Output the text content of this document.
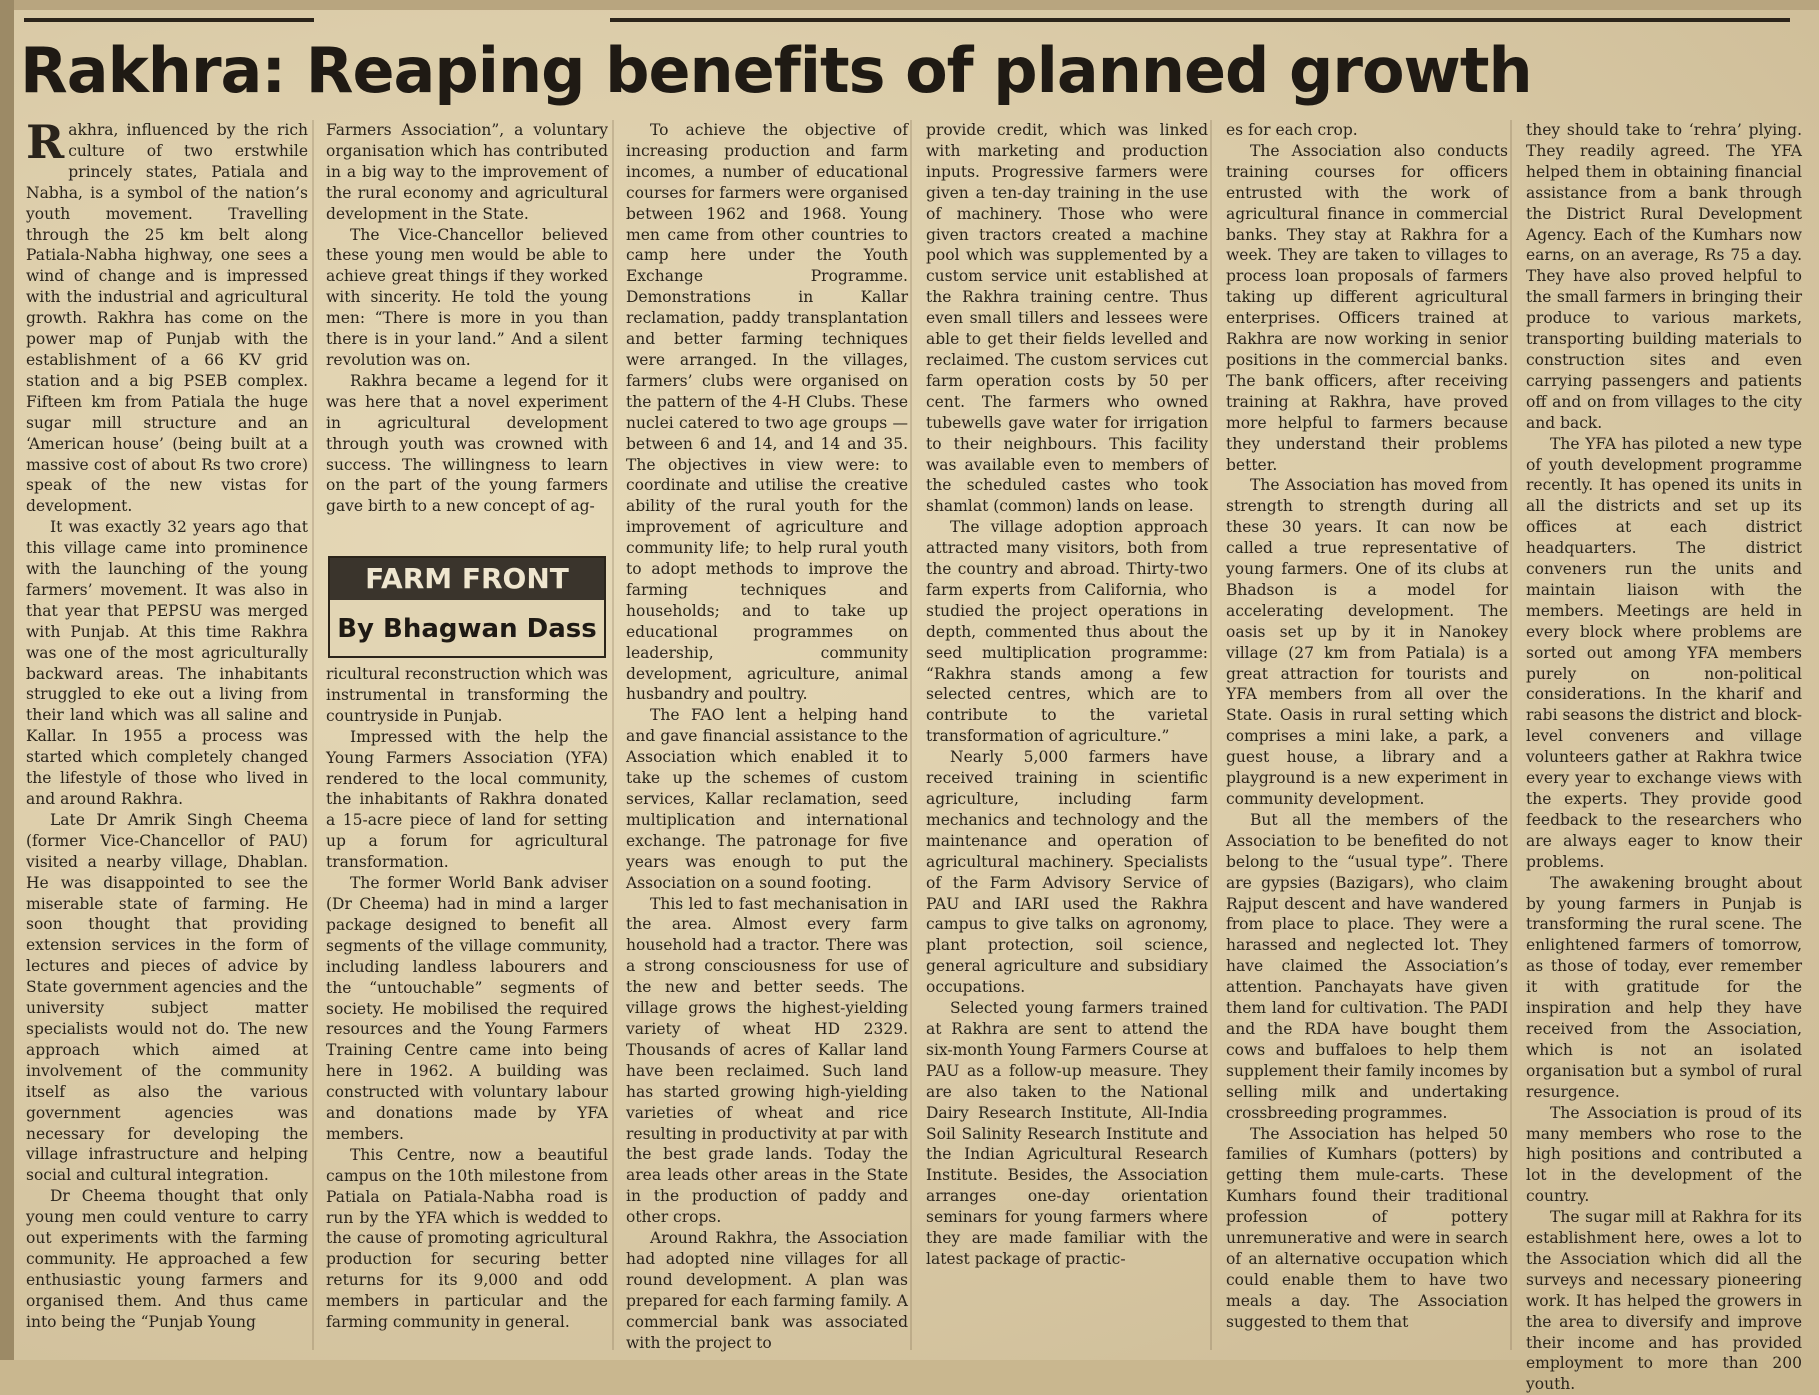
Rakhra: Reaping benefits of planned growth

Rakhra, influenced by the rich culture of two erstwhile princely states, Patiala and Nabha, is a symbol of the nation’s youth movement. Travelling through the 25 km belt along Patiala-Nabha highway, one sees a wind of change and is impressed with the industrial and agricultural growth. Rakhra has come on the power map of Punjab with the establishment of a 66 KV grid station and a big PSEB complex. Fifteen km from Patiala the huge sugar mill structure and an ‘American house’ (being built at a massive cost of about Rs two crore) speak of the new vistas for development.

It was exactly 32 years ago that this village came into prominence with the launching of the young farmers’ movement. It was also in that year that PEPSU was merged with Punjab. At this time Rakhra was one of the most agriculturally backward areas. The inhabitants struggled to eke out a living from their land which was all saline and Kallar. In 1955 a process was started which completely changed the lifestyle of those who lived in and around Rakhra.

Late Dr Amrik Singh Cheema (former Vice-Chancellor of PAU) visited a nearby village, Dhablan. He was disappointed to see the miserable state of farming. He soon thought that providing extension services in the form of lectures and pieces of advice by State government agencies and the university subject matter specialists would not do. The new approach which aimed at involvement of the community itself as also the various government agencies was necessary for developing the village infrastructure and helping social and cultural integration.

Dr Cheema thought that only young men could venture to carry out experiments with the farming community. He approached a few enthusiastic young farmers and organised them. And thus came into being the “Punjab Young

Farmers Association”, a voluntary organisation which has contributed in a big way to the improvement of the rural economy and agricultural development in the State.

The Vice-Chancellor believed these young men would be able to achieve great things if they worked with sincerity. He told the young men: “There is more in you than there is in your land.” And a silent revolution was on.

Rakhra became a legend for it was here that a novel experiment in agricultural development through youth was crowned with success. The willingness to learn on the part of the young farmers gave birth to a new concept of ag-

FARM FRONT
By Bhagwan Dass

ricultural reconstruction which was instrumental in transforming the countryside in Punjab.

Impressed with the help the Young Farmers Association (YFA) rendered to the local community, the inhabitants of Rakhra donated a 15-acre piece of land for setting up a forum for agricultural transformation.

The former World Bank adviser (Dr Cheema) had in mind a larger package designed to benefit all segments of the village community, including landless labourers and the “untouchable” segments of society. He mobilised the required resources and the Young Farmers Training Centre came into being here in 1962. A building was constructed with voluntary labour and donations made by YFA members.

This Centre, now a beautiful campus on the 10th milestone from Patiala on Patiala-Nabha road is run by the YFA which is wedded to the cause of promoting agricultural production for securing better returns for its 9,000 and odd members in particular and the farming community in general.

To achieve the objective of increasing production and farm incomes, a number of educational courses for farmers were organised between 1962 and 1968. Young men came from other countries to camp here under the Youth Exchange Programme. Demonstrations in Kallar reclamation, paddy transplantation and better farming techniques were arranged. In the villages, farmers’ clubs were organised on the pattern of the 4-H Clubs. These nuclei catered to two age groups — between 6 and 14, and 14 and 35. The objectives in view were: to coordinate and utilise the creative ability of the rural youth for the improvement of agriculture and community life; to help rural youth to adopt methods to improve the farming techniques and households; and to take up educational programmes on leadership, community development, agriculture, animal husbandry and poultry.

The FAO lent a helping hand and gave financial assistance to the Association which enabled it to take up the schemes of custom services, Kallar reclamation, seed multiplication and international exchange. The patronage for five years was enough to put the Association on a sound footing.

This led to fast mechanisation in the area. Almost every farm household had a tractor. There was a strong consciousness for use of the new and better seeds. The village grows the highest-yielding variety of wheat HD 2329. Thousands of acres of Kallar land have been reclaimed. Such land has started growing high-yielding varieties of wheat and rice resulting in productivity at par with the best grade lands. Today the area leads other areas in the State in the production of paddy and other crops.

Around Rakhra, the Association had adopted nine villages for all round development. A plan was prepared for each farming family. A commercial bank was associated with the project to

provide credit, which was linked with marketing and production inputs. Progressive farmers were given a ten-day training in the use of machinery. Those who were given tractors created a machine pool which was supplemented by a custom service unit established at the Rakhra training centre. Thus even small tillers and lessees were able to get their fields levelled and reclaimed. The custom services cut farm operation costs by 50 per cent. The farmers who owned tubewells gave water for irrigation to their neighbours. This facility was available even to members of the scheduled castes who took shamlat (common) lands on lease.

The village adoption approach attracted many visitors, both from the country and abroad. Thirty-two farm experts from California, who studied the project operations in depth, commented thus about the seed multiplication programme: “Rakhra stands among a few selected centres, which are to contribute to the varietal transformation of agriculture.”

Nearly 5,000 farmers have received training in scientific agriculture, including farm mechanics and technology and the maintenance and operation of agricultural machinery. Specialists of the Farm Advisory Service of PAU and IARI used the Rakhra campus to give talks on agronomy, plant protection, soil science, general agriculture and subsidiary occupations.

Selected young farmers trained at Rakhra are sent to attend the six-month Young Farmers Course at PAU as a follow-up measure. They are also taken to the National Dairy Research Institute, All-India Soil Salinity Research Institute and the Indian Agricultural Research Institute. Besides, the Association arranges one-day orientation seminars for young farmers where they are made familiar with the latest package of practic-

es for each crop.

The Association also conducts training courses for officers entrusted with the work of agricultural finance in commercial banks. They stay at Rakhra for a week. They are taken to villages to process loan proposals of farmers taking up different agricultural enterprises. Officers trained at Rakhra are now working in senior positions in the commercial banks. The bank officers, after receiving training at Rakhra, have proved more helpful to farmers because they understand their problems better.

The Association has moved from strength to strength during all these 30 years. It can now be called a true representative of young farmers. One of its clubs at Bhadson is a model for accelerating development. The oasis set up by it in Nanokey village (27 km from Patiala) is a great attraction for tourists and YFA members from all over the State. Oasis in rural setting which comprises a mini lake, a park, a guest house, a library and a playground is a new experiment in community development.

But all the members of the Association to be benefited do not belong to the “usual type”. There are gypsies (Bazigars), who claim Rajput descent and have wandered from place to place. They were a harassed and neglected lot. They have claimed the Association’s attention. Panchayats have given them land for cultivation. The PADI and the RDA have bought them cows and buffaloes to help them supplement their family incomes by selling milk and undertaking crossbreeding programmes.

The Association has helped 50 families of Kumhars (potters) by getting them mule-carts. These Kumhars found their traditional profession of pottery unremunerative and were in search of an alternative occupation which could enable them to have two meals a day. The Association suggested to them that

they should take to ‘rehra’ plying. They readily agreed. The YFA helped them in obtaining financial assistance from a bank through the District Rural Development Agency. Each of the Kumhars now earns, on an average, Rs 75 a day. They have also proved helpful to the small farmers in bringing their produce to various markets, transporting building materials to construction sites and even carrying passengers and patients off and on from villages to the city and back.

The YFA has piloted a new type of youth development programme recently. It has opened its units in all the districts and set up its offices at each district headquarters. The district conveners run the units and maintain liaison with the members. Meetings are held in every block where problems are sorted out among YFA members purely on non-political considerations. In the kharif and rabi seasons the district and block-level conveners and village volunteers gather at Rakhra twice every year to exchange views with the experts. They provide good feedback to the researchers who are always eager to know their problems.

The awakening brought about by young farmers in Punjab is transforming the rural scene. The enlightened farmers of tomorrow, as those of today, ever remember it with gratitude for the inspiration and help they have received from the Association, which is not an isolated organisation but a symbol of rural resurgence.

The Association is proud of its many members who rose to the high positions and contributed a lot in the development of the country.

The sugar mill at Rakhra for its establishment here, owes a lot to the Association which did all the surveys and necessary pioneering work. It has helped the growers in the area to diversify and improve their income and has provided employment to more than 200 youth.
